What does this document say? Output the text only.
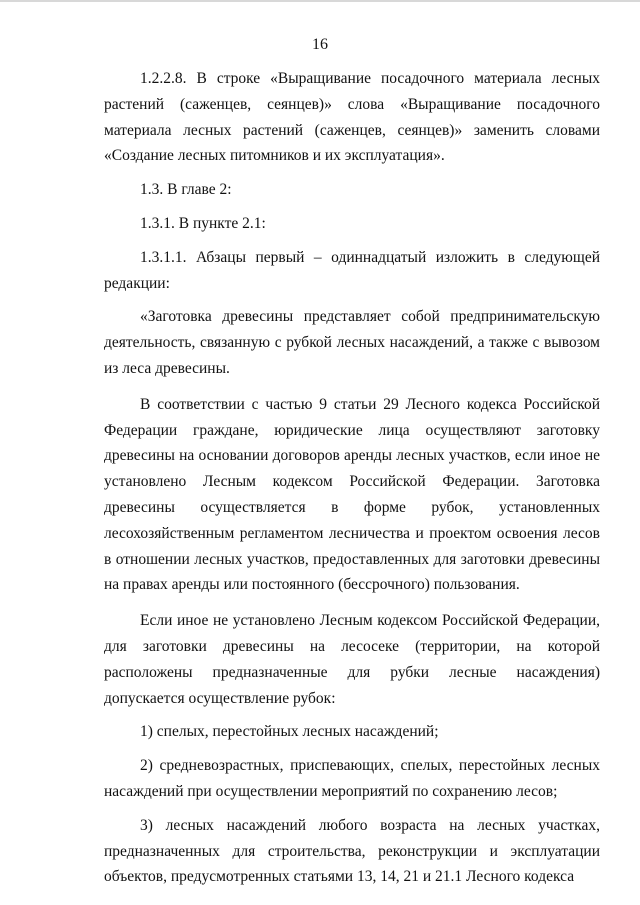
16

1.2.2.8. В строке «Выращивание посадочного материала лесных растений (саженцев, сеянцев)» слова «Выращивание посадочного материала лесных растений (саженцев, сеянцев)» заменить словами «Создание лесных питомников и их эксплуатация».

1.3. В главе 2:

1.3.1. В пункте 2.1:

1.3.1.1. Абзацы первый – одиннадцатый изложить в следующей редакции:

«Заготовка древесины представляет собой предпринимательскую деятельность, связанную с рубкой лесных насаждений, а также с вывозом из леса древесины.

В соответствии с частью 9 статьи 29 Лесного кодекса Российской Федерации граждане, юридические лица осуществляют заготовку древесины на основании договоров аренды лесных участков, если иное не установлено Лесным кодексом Российской Федерации. Заготовка древесины осуществляется в форме рубок, установленных лесохозяйственным регламентом лесничества и проектом освоения лесов в отношении лесных участков, предоставленных для заготовки древесины на правах аренды или постоянного (бессрочного) пользования.

Если иное не установлено Лесным кодексом Российской Федерации, для заготовки древесины на лесосеке (территории, на которой расположены предназначенные для рубки лесные насаждения) допускается осуществление рубок:

1) спелых, перестойных лесных насаждений;

2) средневозрастных, приспевающих, спелых, перестойных лесных насаждений при осуществлении мероприятий по сохранению лесов;

3) лесных насаждений любого возраста на лесных участках, предназначенных для строительства, реконструкции и эксплуатации объектов, предусмотренных статьями 13, 14, 21 и 21.1 Лесного кодекса
